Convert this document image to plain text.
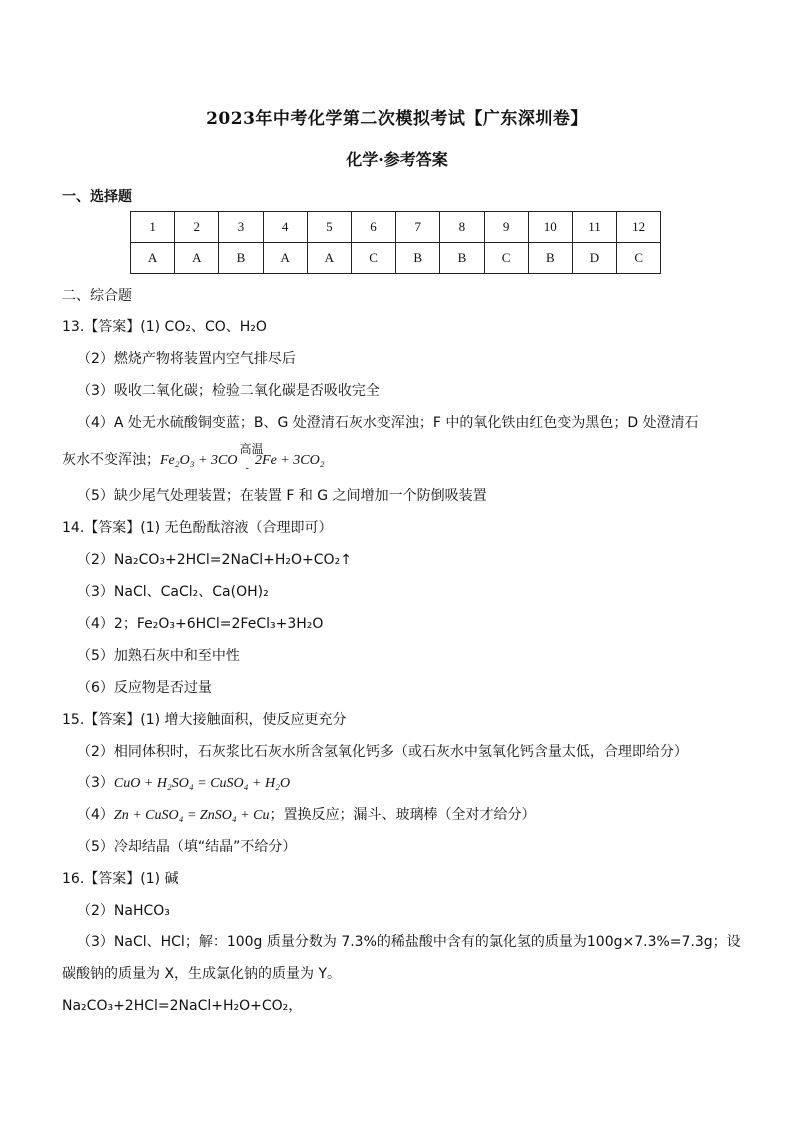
2023年中考化学第二次模拟考试【广东深圳卷】
化学·参考答案
一、选择题
1	2	3	4	5	6	7	8	9	10	11	12
A	A	B	A	A	C	B	B	C	B	D	C
二、综合题
13.【答案】(1) CO₂、CO、H₂O
（2）燃烧产物将装置内空气排尽后
（3）吸收二氧化碳；检验二氧化碳是否吸收完全
（4）A 处无水硫酸铜变蓝；B、G 处澄清石灰水变浑浊；F 中的氧化铁由红色变为黑色；D 处澄清石
灰水不变浑浊；Fe₂O₃ + 3CO
高温
-
2Fe + 3CO₂
（5）缺少尾气处理装置；在装置 F 和 G 之间增加一个防倒吸装置
14.【答案】(1) 无色酚酞溶液（合理即可）
（2）Na₂CO₃+2HCl=2NaCl+H₂O+CO₂↑
（3）NaCl、CaCl₂、Ca(OH)₂
（4）2；Fe₂O₃+6HCl=2FeCl₃+3H₂O
（5）加熟石灰中和至中性
（6）反应物是否过量
15.【答案】(1) 增大接触面积，使反应更充分
（2）相同体积时，石灰浆比石灰水所含氢氧化钙多（或石灰水中氢氧化钙含量太低，合理即给分）
（3）CuO + H₂SO₄ = CuSO₄ + H₂O
（4）Zn + CuSO₄ = ZnSO₄ + Cu；置换反应；漏斗、玻璃棒（全对才给分）
（5）冷却结晶（填“结晶”不给分）
16.【答案】(1) 碱
（2）NaHCO₃
（3）NaCl、HCl；解：100g 质量分数为 7.3%的稀盐酸中含有的氯化氢的质量为100g×7.3%=7.3g；设
碳酸钠的质量为 X，生成氯化钠的质量为 Y。
Na₂CO₃+2HCl=2NaCl+H₂O+CO₂，
